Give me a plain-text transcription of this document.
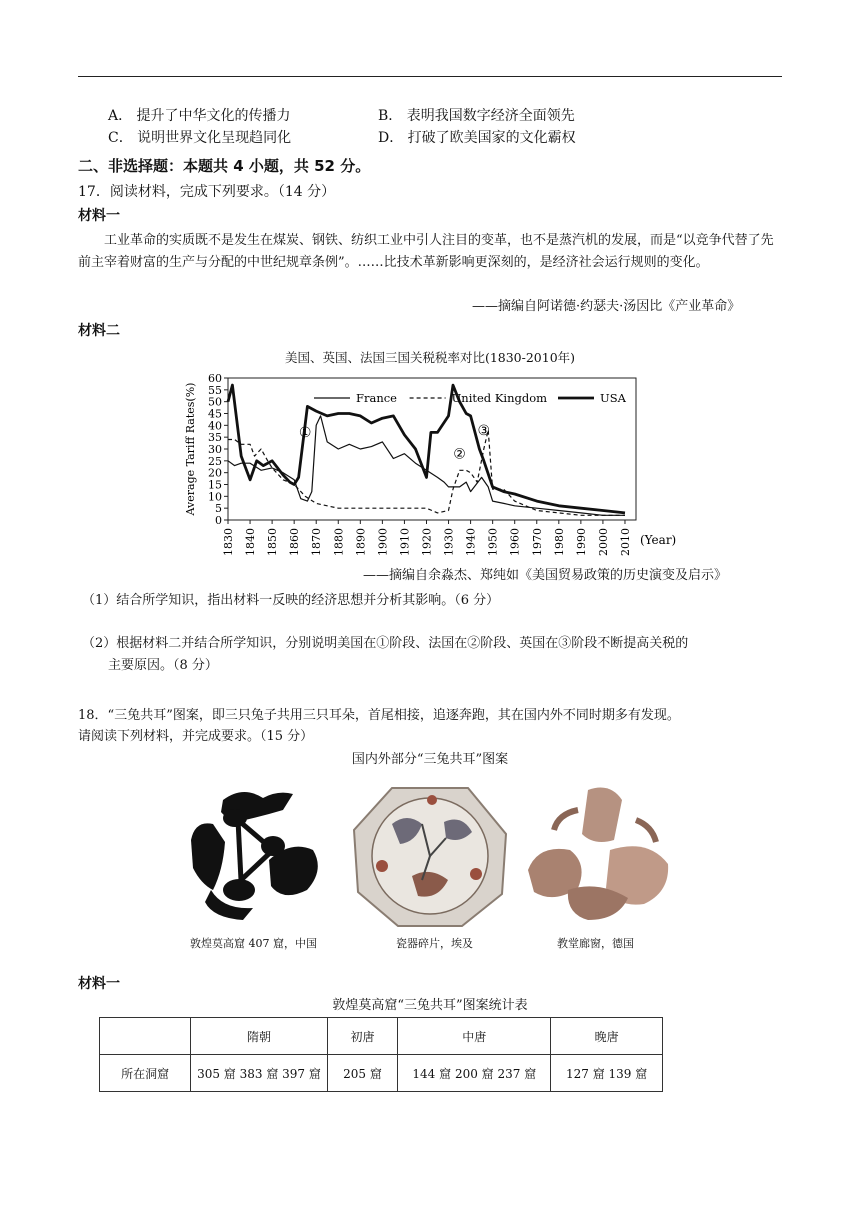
A． 提升了中华文化的传播力	B． 表明我国数字经济全面领先
C． 说明世界文化呈现趋同化	D． 打破了欧美国家的文化霸权
二、非选择题：本题共 4 小题，共 52 分。
17．阅读材料，完成下列要求。（14 分）
材料一
工业革命的实质既不是发生在煤炭、钢铁、纺织工业中引人注目的变革，也不是蒸汽机的发展，而是“以竞争代替了先前主宰着财富的生产与分配的中世纪规章条例”。……比技术革新影响更深刻的，是经济社会运行规则的变化。
——摘编自阿诺德·约瑟夫·汤因比《产业革命》
材料二
美国、英国、法国三国关税税率对比(1830-2010年)
0
5
10
15
20
25
30
35
40
45
50
55
60
1830 1840 1850 1860 1870 1880 1890 1900 1910 1920 1930 1940 1950 1960 1970 1980 1990 2000 2010
Average Tariff Rates(%)
(Year)
France	United Kingdom	USA
①
②
③
——摘编自余淼杰、郑纯如《美国贸易政策的历史演变及启示》
（1）结合所学知识，指出材料一反映的经济思想并分析其影响。（6 分）
（2）根据材料二并结合所学知识，分别说明美国在①阶段、法国在②阶段、英国在③阶段不断提高关税的
主要原因。（8 分）
18．“三兔共耳”图案，即三只兔子共用三只耳朵，首尾相接，追逐奔跑，其在国内外不同时期多有发现。
请阅读下列材料，并完成要求。（15 分）
国内外部分“三兔共耳”图案
敦煌莫高窟 407 窟，中国	瓷器碎片，埃及	教堂廊窗，德国
材料一
敦煌莫高窟“三兔共耳”图案统计表
	隋朝	初唐	中唐	晚唐
所在洞窟	305 窟 383 窟 397 窟	205 窟	144 窟 200 窟 237 窟	127 窟 139 窟
